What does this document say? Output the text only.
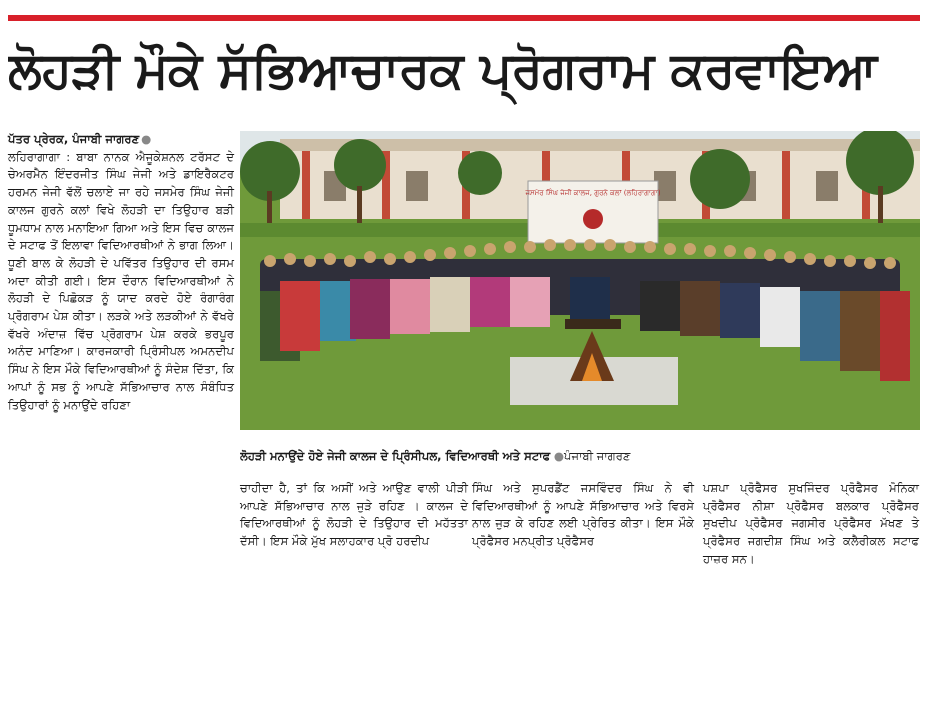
ਲੋਹੜੀ ਮੌਕੇ ਸੱਭਿਆਚਾਰਕ ਪ੍ਰੋਗਰਾਮ ਕਰਵਾਇਆ

ਪੱਤਰ ਪ੍ਰੇਰਕ, ਪੰਜਾਬੀ ਜਾਗਰਣ ●
ਲਹਿਰਾਗਾਗਾ : ਬਾਬਾ ਨਾਨਕ ਐਜੂਕੇਸ਼ਨਲ ਟਰੱਸਟ ਦੇ ਚੇਅਰਮੈਨ ਇੰਦਰਜੀਤ ਸਿੰਘ ਜੇਜੀ ਅਤੇ ਡਾਇਰੈਕਟਰ ਹਰਮਨ ਜੇਜੀ ਵੱਲੋਂ ਚਲਾਏ ਜਾ ਰਹੇ ਜਸਮੇਰ ਸਿੰਘ ਜੇਜੀ ਕਾਲਜ ਗੁਰਨੇ ਕਲਾਂ ਵਿਖੇ ਲੋਹੜੀ ਦਾ ਤਿਉਹਾਰ ਬੜੀ ਧੂਮਧਾਮ ਨਾਲ ਮਨਾਇਆ ਗਿਆ ਅਤੇ ਇਸ ਵਿਚ ਕਾਲਜ ਦੇ ਸਟਾਫ ਤੋਂ ਇਲਾਵਾ ਵਿਦਿਆਰਥੀਆਂ ਨੇ ਭਾਗ ਲਿਆ। ਧੂਣੀ ਬਾਲ ਕੇ ਲੋਹੜੀ ਦੇ ਪਵਿੱਤਰ ਤਿਉਹਾਰ ਦੀ ਰਸਮ ਅਦਾ ਕੀਤੀ ਗਈ। ਇਸ ਦੌਰਾਨ ਵਿਦਿਆਰਥੀਆਂ ਨੇ ਲੋਹੜੀ ਦੇ ਪਿਛੋਕੜ ਨੂੰ ਯਾਦ ਕਰਦੇ ਹੋਏ ਰੰਗਾਰੰਗ ਪ੍ਰੋਗਰਾਮ ਪੇਸ਼ ਕੀਤਾ। ਲੜਕੇ ਅਤੇ ਲੜਕੀਆਂ ਨੇ ਵੱਖਰੇ ਵੱਖਰੇ ਅੰਦਾਜ਼ ਵਿੱਚ ਪ੍ਰੋਗਰਾਮ ਪੇਸ਼ ਕਰਕੇ ਭਰਪੂਰ ਅਨੰਦ ਮਾਣਿਆ। ਕਾਰਜਕਾਰੀ ਪ੍ਰਿੰਸੀਪਲ ਅਮਨਦੀਪ ਸਿੰਘ ਨੇ ਇਸ ਮੌਕੇ ਵਿਦਿਆਰਥੀਆਂ ਨੂੰ ਸੰਦੇਸ਼ ਦਿੱਤਾ, ਕਿ ਆਪਾਂ ਨੂੰ ਸਭ ਨੂੰ ਆਪਣੇ ਸੱਭਿਆਚਾਰ ਨਾਲ ਸੰਬੰਧਿਤ ਤਿਉਹਾਰਾਂ ਨੂੰ ਮਨਾਉਂਦੇ ਰਹਿਣਾ

ਜਸਮੇਰ ਸਿੰਘ ਜੇਜੀ ਕਾਲਜ, ਗੁਰਨੇ ਕਲਾਂ (ਲਹਿਰਾਗਾਗਾ)
ਲੋਹੜੀ ਮਨਾਉਂਦੇ ਹੋਏ ਜੇਜੀ ਕਾਲਜ ਦੇ ਪ੍ਰਿੰਸੀਪਲ, ਵਿਦਿਆਰਥੀ ਅਤੇ ਸਟਾਫ ●ਪੰਜਾਬੀ ਜਾਗਰਣ

ਚਾਹੀਦਾ ਹੈ, ਤਾਂ ਕਿ ਅਸੀਂ ਅਤੇ ਆਉਣ ਵਾਲੀ ਪੀੜੀ ਆਪਣੇ ਸੱਭਿਆਚਾਰ ਨਾਲ ਜੁੜੇ ਰਹਿਣ । ਕਾਲਜ ਦੇ ਵਿਦਿਆਰਥੀਆਂ ਨੂੰ ਲੋਹੜੀ ਦੇ ਤਿਉਹਾਰ ਦੀ ਮਹੱਤਤਾ ਦੱਸੀ। ਇਸ ਮੌਕੇ ਮੁੱਖ ਸਲਾਹਕਾਰ ਪ੍ਰੋ ਹਰਦੀਪ

ਸਿੰਘ ਅਤੇ ਸੁਪਰਡੈਂਟ ਜਸਵਿੰਦਰ ਸਿੰਘ ਨੇ ਵੀ ਵਿਦਿਆਰਥੀਆਂ ਨੂੰ ਆਪਣੇ ਸੱਭਿਆਚਾਰ ਅਤੇ ਵਿਰਸੇ ਨਾਲ ਜੁੜ ਕੇ ਰਹਿਣ ਲਈ ਪ੍ਰੇਰਿਤ ਕੀਤਾ। ਇਸ ਮੌਕੇ ਪ੍ਰੋਫੈਸਰ ਮਨਪ੍ਰੀਤ ਪ੍ਰੋਫੈਸਰ

ਪਸ਼ਪਾ ਪ੍ਰੋਫੈਸਰ ਸੁਖਜਿੰਦਰ ਪ੍ਰੋਫੈਸਰ ਮੋਨਿਕਾ ਪ੍ਰੋਫੈਸਰ ਨੀਸ਼ਾ ਪ੍ਰੋਫੈਸਰ ਬਲਕਾਰ ਪ੍ਰੋਫੈਸਰ ਸੁਖਦੀਪ ਪ੍ਰੋਫੈਸਰ ਜਗਸੀਰ ਪ੍ਰੋਫੈਸਰ ਮੱਖਣ ਤੇ ਪ੍ਰੋਫੈਸਰ ਜਗਦੀਸ਼ ਸਿੰਘ ਅਤੇ ਕਲੈਰੀਕਲ ਸਟਾਫ ਹਾਜ਼ਰ ਸਨ।
